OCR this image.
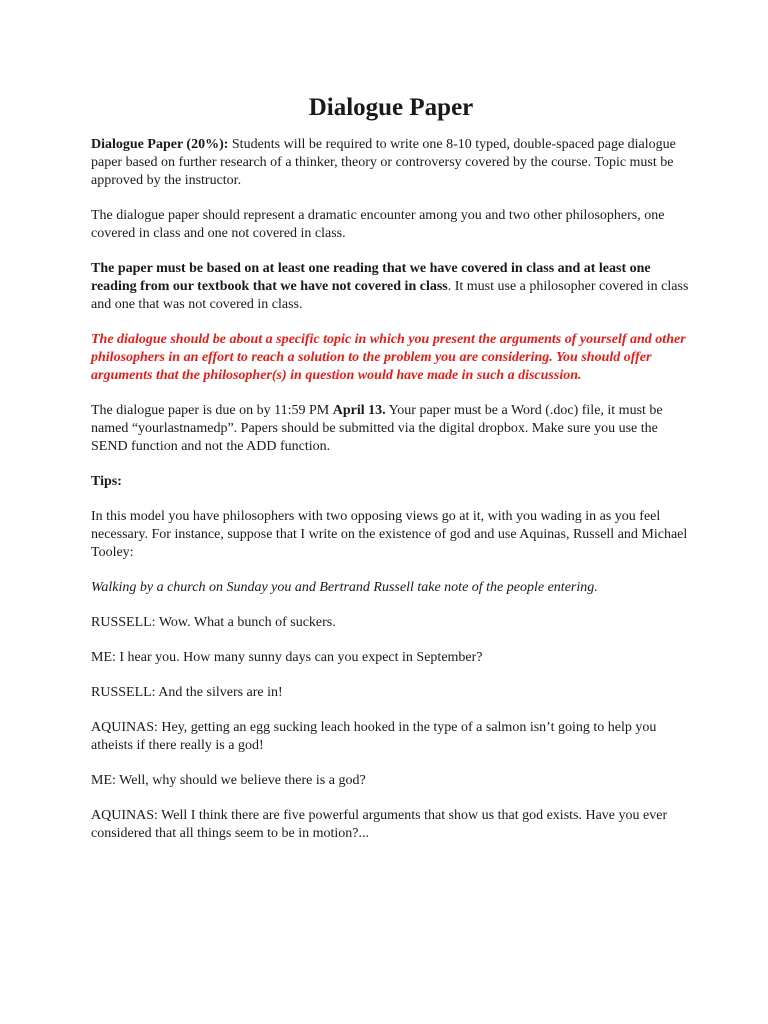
Dialogue Paper

Dialogue Paper (20%): Students will be required to write one 8-10 typed, double-spaced page dialogue paper based on further research of a thinker, theory or controversy covered by the course. Topic must be approved by the instructor.

The dialogue paper should represent a dramatic encounter among you and two other philosophers, one covered in class and one not covered in class.

The paper must be based on at least one reading that we have covered in class and at least one reading from our textbook that we have not covered in class. It must use a philosopher covered in class and one that was not covered in class.

The dialogue should be about a specific topic in which you present the arguments of yourself and other philosophers in an effort to reach a solution to the problem you are considering. You should offer arguments that the philosopher(s) in question would have made in such a discussion.

The dialogue paper is due on by 11:59 PM April 13. Your paper must be a Word (.doc) file, it must be named “yourlastnamedp”. Papers should be submitted via the digital dropbox. Make sure you use the SEND function and not the ADD function.

Tips:

In this model you have philosophers with two opposing views go at it, with you wading in as you feel necessary. For instance, suppose that I write on the existence of god and use Aquinas, Russell and Michael Tooley:

Walking by a church on Sunday you and Bertrand Russell take note of the people entering.

RUSSELL: Wow. What a bunch of suckers.

ME: I hear you. How many sunny days can you expect in September?

RUSSELL: And the silvers are in!

AQUINAS: Hey, getting an egg sucking leach hooked in the type of a salmon isn’t going to help you atheists if there really is a god!

ME: Well, why should we believe there is a god?

AQUINAS: Well I think there are five powerful arguments that show us that god exists. Have you ever considered that all things seem to be in motion?...
